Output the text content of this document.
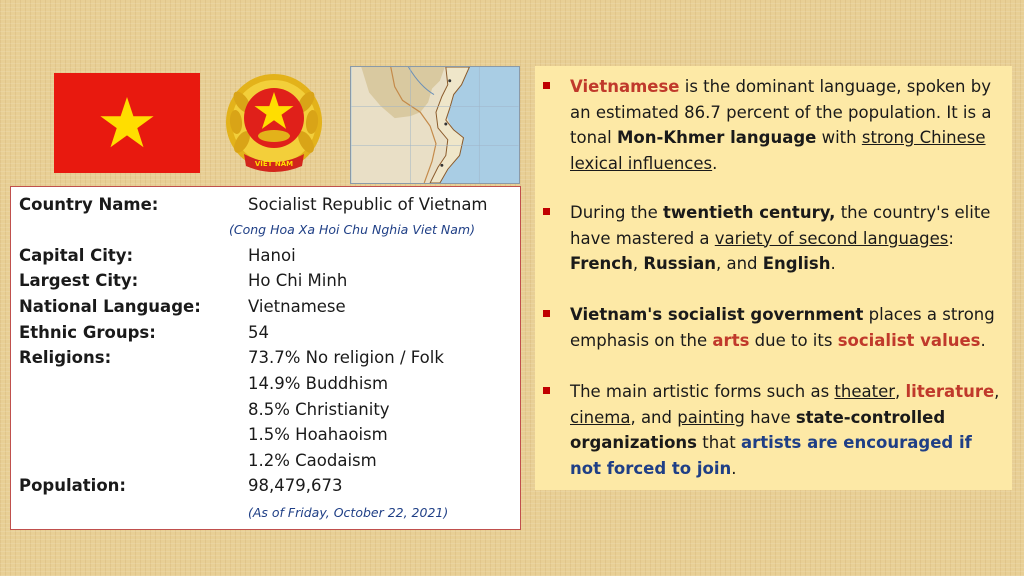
VIET NAM
Country Name:	Socialist Republic of Vietnam
(Cong Hoa Xa Hoi Chu Nghia Viet Nam)
Capital City:	Hanoi
Largest City:	Ho Chi Minh
National Language:	Vietnamese
Ethnic Groups:	54
Religions:	73.7% No religion / Folk
14.9% Buddhism
8.5% Christianity
1.5% Hoahaoism
1.2% Caodaism
Population:	98,479,673
(As of Friday, October 22, 2021)
Vietnamese is the dominant language, spoken by an estimated 86.7 percent of the population. It is a tonal Mon-Khmer language with strong Chinese lexical influences.
During the twentieth century, the country's elite have mastered a variety of second languages: French, Russian, and English.
Vietnam's socialist government places a strong emphasis on the arts due to its socialist values.
The main artistic forms such as theater, literature, cinema, and painting have state-controlled organizations that artists are encouraged if not forced to join.
